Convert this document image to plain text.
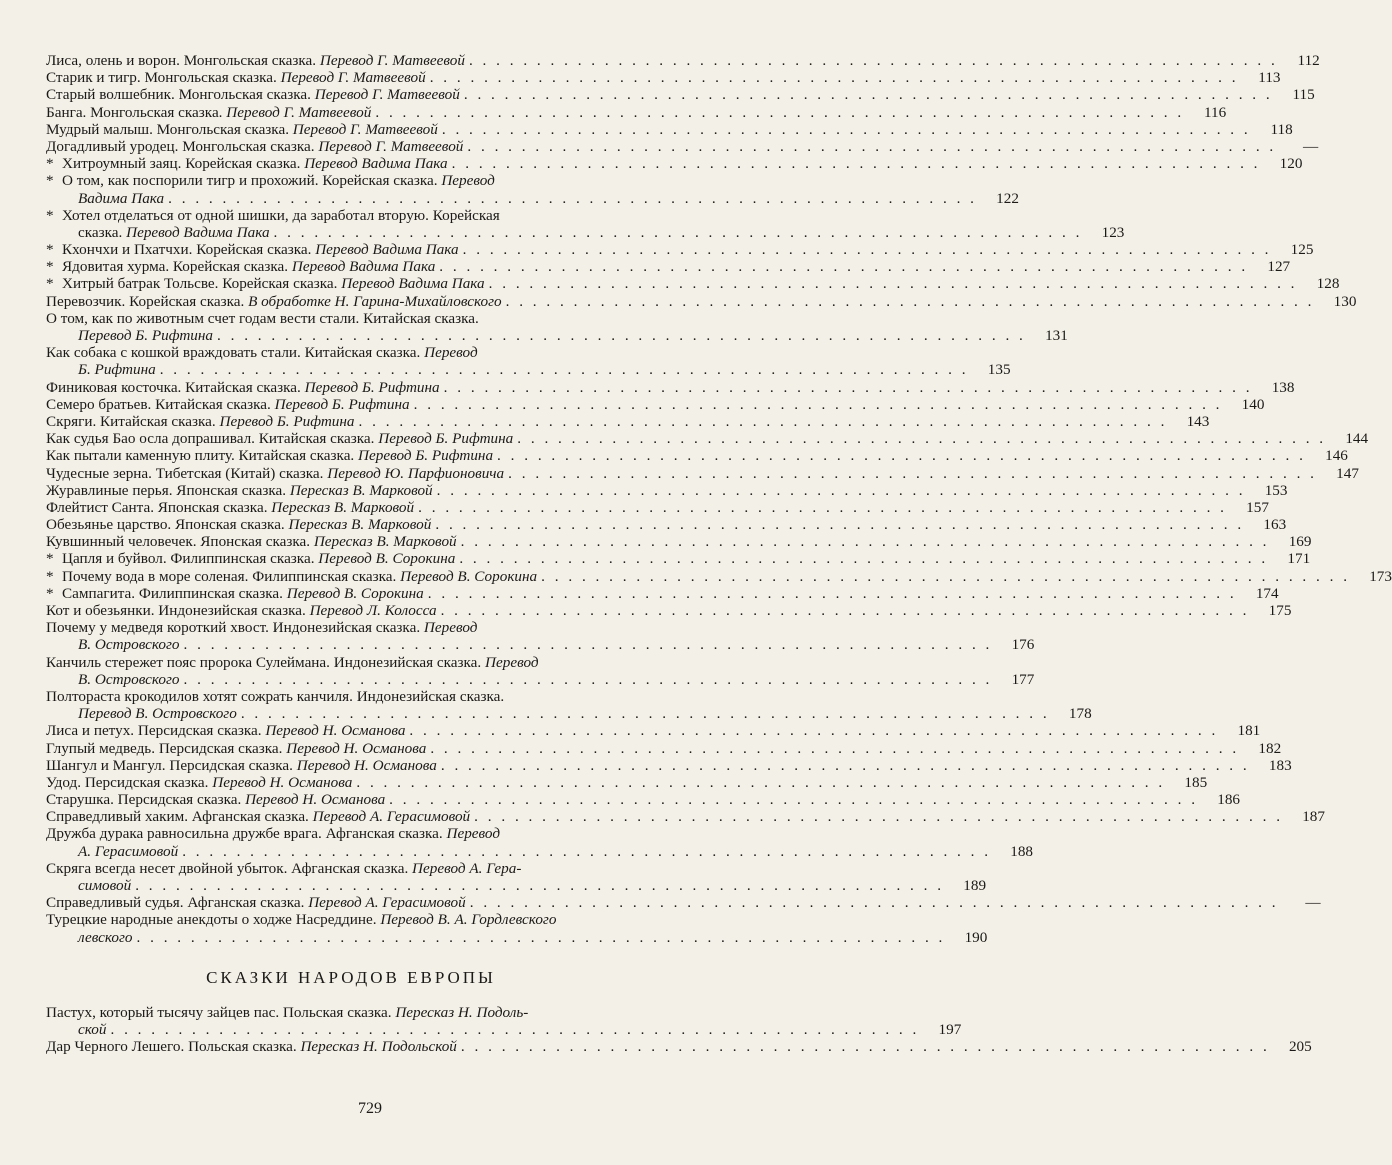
Лиса, олень и ворон. Монгольская сказка. Перевод Г. Матвеевой . . . . . . . . . . . . . . . . . . . . . . . . . . . . . . . . . . . . . . . . . . . . . . . . . . . . . . . . . . . .	112
Старик и тигр. Монгольская сказка. Перевод Г. Матвеевой . . . . . . . . . . . . . . . . . . . . . . . . . . . . . . . . . . . . . . . . . . . . . . . . . . . . . . . . . . . .	113
Старый волшебник. Монгольская сказка. Перевод Г. Матвеевой . . . . . . . . . . . . . . . . . . . . . . . . . . . . . . . . . . . . . . . . . . . . . . . . . . . . . . . . . . . .	115
Банга. Монгольская сказка. Перевод Г. Матвеевой . . . . . . . . . . . . . . . . . . . . . . . . . . . . . . . . . . . . . . . . . . . . . . . . . . . . . . . . . . . .	116
Мудрый малыш. Монгольская сказка. Перевод Г. Матвеевой . . . . . . . . . . . . . . . . . . . . . . . . . . . . . . . . . . . . . . . . . . . . . . . . . . . . . . . . . . . .	118
Догадливый уродец. Монгольская сказка. Перевод Г. Матвеевой . . . . . . . . . . . . . . . . . . . . . . . . . . . . . . . . . . . . . . . . . . . . . . . . . . . . . . . . . . . .	—
* Хитроумный заяц. Корейская сказка. Перевод Вадима Пака . . . . . . . . . . . . . . . . . . . . . . . . . . . . . . . . . . . . . . . . . . . . . . . . . . . . . . . . . . . .	120
* О том, как поспорили тигр и прохожий. Корейская сказка. Перевод
Вадима Пака . . . . . . . . . . . . . . . . . . . . . . . . . . . . . . . . . . . . . . . . . . . . . . . . . . . . . . . . . . . .	122
* Хотел отделаться от одной шишки, да заработал вторую. Корейская
сказка. Перевод Вадима Пака . . . . . . . . . . . . . . . . . . . . . . . . . . . . . . . . . . . . . . . . . . . . . . . . . . . . . . . . . . . .	123
* Кхончхи и Пхатчхи. Корейская сказка. Перевод Вадима Пака . . . . . . . . . . . . . . . . . . . . . . . . . . . . . . . . . . . . . . . . . . . . . . . . . . . . . . . . . . . .	125
* Ядовитая хурма. Корейская сказка. Перевод Вадима Пака . . . . . . . . . . . . . . . . . . . . . . . . . . . . . . . . . . . . . . . . . . . . . . . . . . . . . . . . . . . .	127
* Хитрый батрак Тольсве. Корейская сказка. Перевод Вадима Пака . . . . . . . . . . . . . . . . . . . . . . . . . . . . . . . . . . . . . . . . . . . . . . . . . . . . . . . . . . . .	128
Перевозчик. Корейская сказка. В обработке Н. Гарина-Михайловского . . . . . . . . . . . . . . . . . . . . . . . . . . . . . . . . . . . . . . . . . . . . . . . . . . . . . . . . . . . .	130
О том, как по животным счет годам вести стали. Китайская сказка.
Перевод Б. Рифтина . . . . . . . . . . . . . . . . . . . . . . . . . . . . . . . . . . . . . . . . . . . . . . . . . . . . . . . . . . . .	131
Как собака с кошкой враждовать стали. Китайская сказка. Перевод
Б. Рифтина . . . . . . . . . . . . . . . . . . . . . . . . . . . . . . . . . . . . . . . . . . . . . . . . . . . . . . . . . . . .	135
Финиковая косточка. Китайская сказка. Перевод Б. Рифтина . . . . . . . . . . . . . . . . . . . . . . . . . . . . . . . . . . . . . . . . . . . . . . . . . . . . . . . . . . . .	138
Семеро братьев. Китайская сказка. Перевод Б. Рифтина . . . . . . . . . . . . . . . . . . . . . . . . . . . . . . . . . . . . . . . . . . . . . . . . . . . . . . . . . . . .	140
Скряги. Китайская сказка. Перевод Б. Рифтина . . . . . . . . . . . . . . . . . . . . . . . . . . . . . . . . . . . . . . . . . . . . . . . . . . . . . . . . . . . .	143
Как судья Бао осла допрашивал. Китайская сказка. Перевод Б. Рифтина . . . . . . . . . . . . . . . . . . . . . . . . . . . . . . . . . . . . . . . . . . . . . . . . . . . . . . . . . . . .	144
Как пытали каменную плиту. Китайская сказка. Перевод Б. Рифтина . . . . . . . . . . . . . . . . . . . . . . . . . . . . . . . . . . . . . . . . . . . . . . . . . . . . . . . . . . . .	146
Чудесные зерна. Тибетская (Китай) сказка. Перевод Ю. Парфионовича . . . . . . . . . . . . . . . . . . . . . . . . . . . . . . . . . . . . . . . . . . . . . . . . . . . . . . . . . . . .	147
Журавлиные перья. Японская сказка. Пересказ В. Марковой . . . . . . . . . . . . . . . . . . . . . . . . . . . . . . . . . . . . . . . . . . . . . . . . . . . . . . . . . . . .	153
Флейтист Санта. Японская сказка. Пересказ В. Марковой . . . . . . . . . . . . . . . . . . . . . . . . . . . . . . . . . . . . . . . . . . . . . . . . . . . . . . . . . . . .	157
Обезьянье царство. Японская сказка. Пересказ В. Марковой . . . . . . . . . . . . . . . . . . . . . . . . . . . . . . . . . . . . . . . . . . . . . . . . . . . . . . . . . . . .	163
Кувшинный человечек. Японская сказка. Пересказ В. Марковой . . . . . . . . . . . . . . . . . . . . . . . . . . . . . . . . . . . . . . . . . . . . . . . . . . . . . . . . . . . .	169
* Цапля и буйвол. Филиппинская сказка. Перевод В. Сорокина . . . . . . . . . . . . . . . . . . . . . . . . . . . . . . . . . . . . . . . . . . . . . . . . . . . . . . . . . . . .	171
* Почему вода в море соленая. Филиппинская сказка. Перевод В. Сорокина . . . . . . . . . . . . . . . . . . . . . . . . . . . . . . . . . . . . . . . . . . . . . . . . . . . . . . . . . . . .	173
* Сампагита. Филиппинская сказка. Перевод В. Сорокина . . . . . . . . . . . . . . . . . . . . . . . . . . . . . . . . . . . . . . . . . . . . . . . . . . . . . . . . . . . .	174
Кот и обезьянки. Индонезийская сказка. Перевод Л. Колосса . . . . . . . . . . . . . . . . . . . . . . . . . . . . . . . . . . . . . . . . . . . . . . . . . . . . . . . . . . . .	175
Почему у медведя короткий хвост. Индонезийская сказка. Перевод
В. Островского . . . . . . . . . . . . . . . . . . . . . . . . . . . . . . . . . . . . . . . . . . . . . . . . . . . . . . . . . . . .	176
Канчиль стережет пояс пророка Сулеймана. Индонезийская сказка. Перевод
В. Островского . . . . . . . . . . . . . . . . . . . . . . . . . . . . . . . . . . . . . . . . . . . . . . . . . . . . . . . . . . . .	177
Полтораста крокодилов хотят сожрать канчиля. Индонезийская сказка.
Перевод В. Островского . . . . . . . . . . . . . . . . . . . . . . . . . . . . . . . . . . . . . . . . . . . . . . . . . . . . . . . . . . . .	178
Лиса и петух. Персидская сказка. Перевод Н. Османова . . . . . . . . . . . . . . . . . . . . . . . . . . . . . . . . . . . . . . . . . . . . . . . . . . . . . . . . . . . .	181
Глупый медведь. Персидская сказка. Перевод Н. Османова . . . . . . . . . . . . . . . . . . . . . . . . . . . . . . . . . . . . . . . . . . . . . . . . . . . . . . . . . . . .	182
Шангул и Мангул. Персидская сказка. Перевод Н. Османова . . . . . . . . . . . . . . . . . . . . . . . . . . . . . . . . . . . . . . . . . . . . . . . . . . . . . . . . . . . .	183
Удод. Персидская сказка. Перевод Н. Османова . . . . . . . . . . . . . . . . . . . . . . . . . . . . . . . . . . . . . . . . . . . . . . . . . . . . . . . . . . . .	185
Старушка. Персидская сказка. Перевод Н. Османова . . . . . . . . . . . . . . . . . . . . . . . . . . . . . . . . . . . . . . . . . . . . . . . . . . . . . . . . . . . .	186
Справедливый хаким. Афганская сказка. Перевод А. Герасимовой . . . . . . . . . . . . . . . . . . . . . . . . . . . . . . . . . . . . . . . . . . . . . . . . . . . . . . . . . . . .	187
Дружба дурака равносильна дружбе врага. Афганская сказка. Перевод
А. Герасимовой . . . . . . . . . . . . . . . . . . . . . . . . . . . . . . . . . . . . . . . . . . . . . . . . . . . . . . . . . . . .	188
Скряга всегда несет двойной убыток. Афганская сказка. Перевод А. Гера-
симовой . . . . . . . . . . . . . . . . . . . . . . . . . . . . . . . . . . . . . . . . . . . . . . . . . . . . . . . . . . . .	189
Справедливый судья. Афганская сказка. Перевод А. Герасимовой . . . . . . . . . . . . . . . . . . . . . . . . . . . . . . . . . . . . . . . . . . . . . . . . . . . . . . . . . . . .	—
Турецкие народные анекдоты о ходже Насреддине. Перевод В. А. Гордлевского
левского . . . . . . . . . . . . . . . . . . . . . . . . . . . . . . . . . . . . . . . . . . . . . . . . . . . . . . . . . . . .	190
СКАЗКИ НАРОДОВ ЕВРОПЫ
Пастух, который тысячу зайцев пас. Польская сказка. Пересказ Н. Подоль-
ской . . . . . . . . . . . . . . . . . . . . . . . . . . . . . . . . . . . . . . . . . . . . . . . . . . . . . . . . . . . .	197
Дар Черного Лешего. Польская сказка. Пересказ Н. Подольской . . . . . . . . . . . . . . . . . . . . . . . . . . . . . . . . . . . . . . . . . . . . . . . . . . . . . . . . . . . .	205
729
